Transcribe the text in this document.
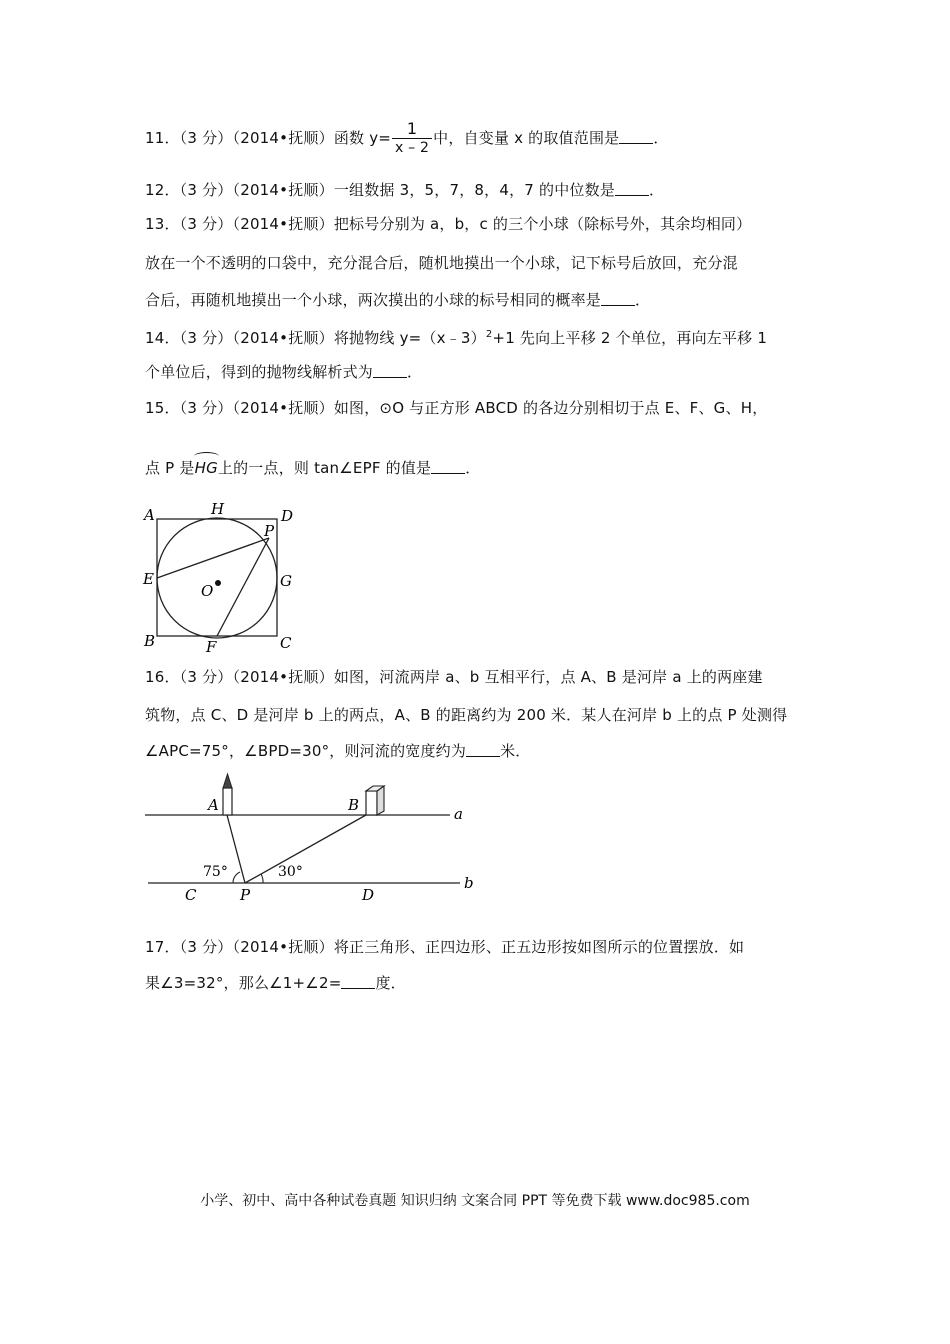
11．（3 分）（2014•抚顺）函数 $y= \frac{1}{x - 2}$ 中，自变量 x 的取值范围是 ．
12．（3 分）（2014•抚顺）一组数据 3，5，7，8，4，7 的中位数是 ．
13．（3 分）（2014•抚顺）把标号分别为 a，b，c 的三个小球（除标号外，其余均相同）
放在一个不透明的口袋中，充分混合后，随机地摸出一个小球，记下标号后放回，充分混
合后，再随机地摸出一个小球，两次摸出的小球的标号相同的概率是 ．
14．（3 分）（2014•抚顺）将抛物线 y=（x﹣3）$^2$+1 先向上平移 2 个单位，再向左平移 1
个单位后，得到的抛物线解析式为 ．
15．（3 分）（2014•抚顺）如图，⊙O 与正方形 ABCD 的各边分别相切于点 E、F、G、H，
点 P 是HG上的一点，则 tan∠EPF 的值是 ．
A	H	D
P
E
O
G
B	F	C
16．（3 分）（2014•抚顺）如图，河流两岸 a、b 互相平行，点 A、B 是河岸 a 上的两座建
筑物，点 C、D 是河岸 b 上的两点，A、B 的距离约为 200 米．某人在河岸 b 上的点 P 处测得
∠APC=75°，∠BPD=30°，则河流的宽度约为 米．
A	B	a
b
75°	30°
C	P	D
17．（3 分）（2014•抚顺）将正三角形、正四边形、正五边形按如图所示的位置摆放．如
果∠3=32°，那么∠1+∠2= 度．
小学、初中、高中各种试卷真题 知识归纳 文案合同 PPT 等免费下载 www.doc985.com
